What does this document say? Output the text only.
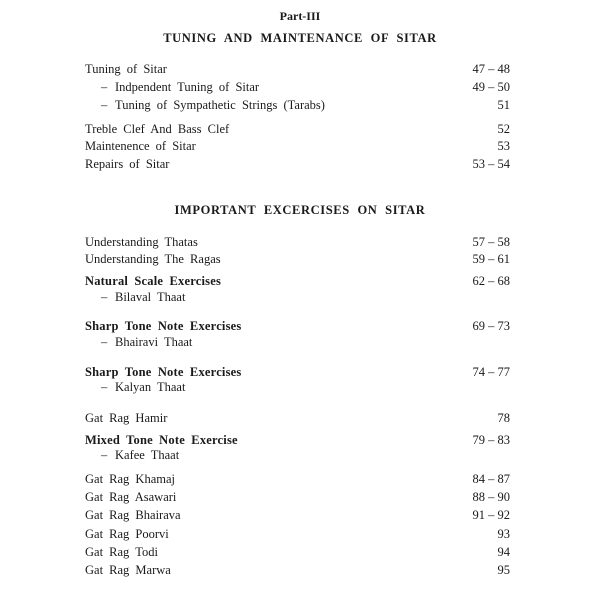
Part-III
TUNING AND MAINTENANCE OF SITAR
Tuning of Sitar	47 – 48
– Indpendent Tuning of Sitar	49 – 50
– Tuning of Sympathetic Strings (Tarabs)	51
Treble Clef And Bass Clef	52
Maintenence of Sitar	53
Repairs of Sitar	53 – 54
IMPORTANT EXCERCISES ON SITAR
Understanding Thatas	57 – 58
Understanding The Ragas	59 – 61
Natural Scale Exercises	62 – 68
– Bilaval Thaat
Sharp Tone Note Exercises	69 – 73
– Bhairavi Thaat
Sharp Tone Note Exercises	74 – 77
– Kalyan Thaat
Gat Rag Hamir	78
Mixed Tone Note Exercise	79 – 83
– Kafee Thaat
Gat Rag Khamaj	84 – 87
Gat Rag Asawari	88 – 90
Gat Rag Bhairava	91 – 92
Gat Rag Poorvi	93
Gat Rag Todi	94
Gat Rag Marwa	95
